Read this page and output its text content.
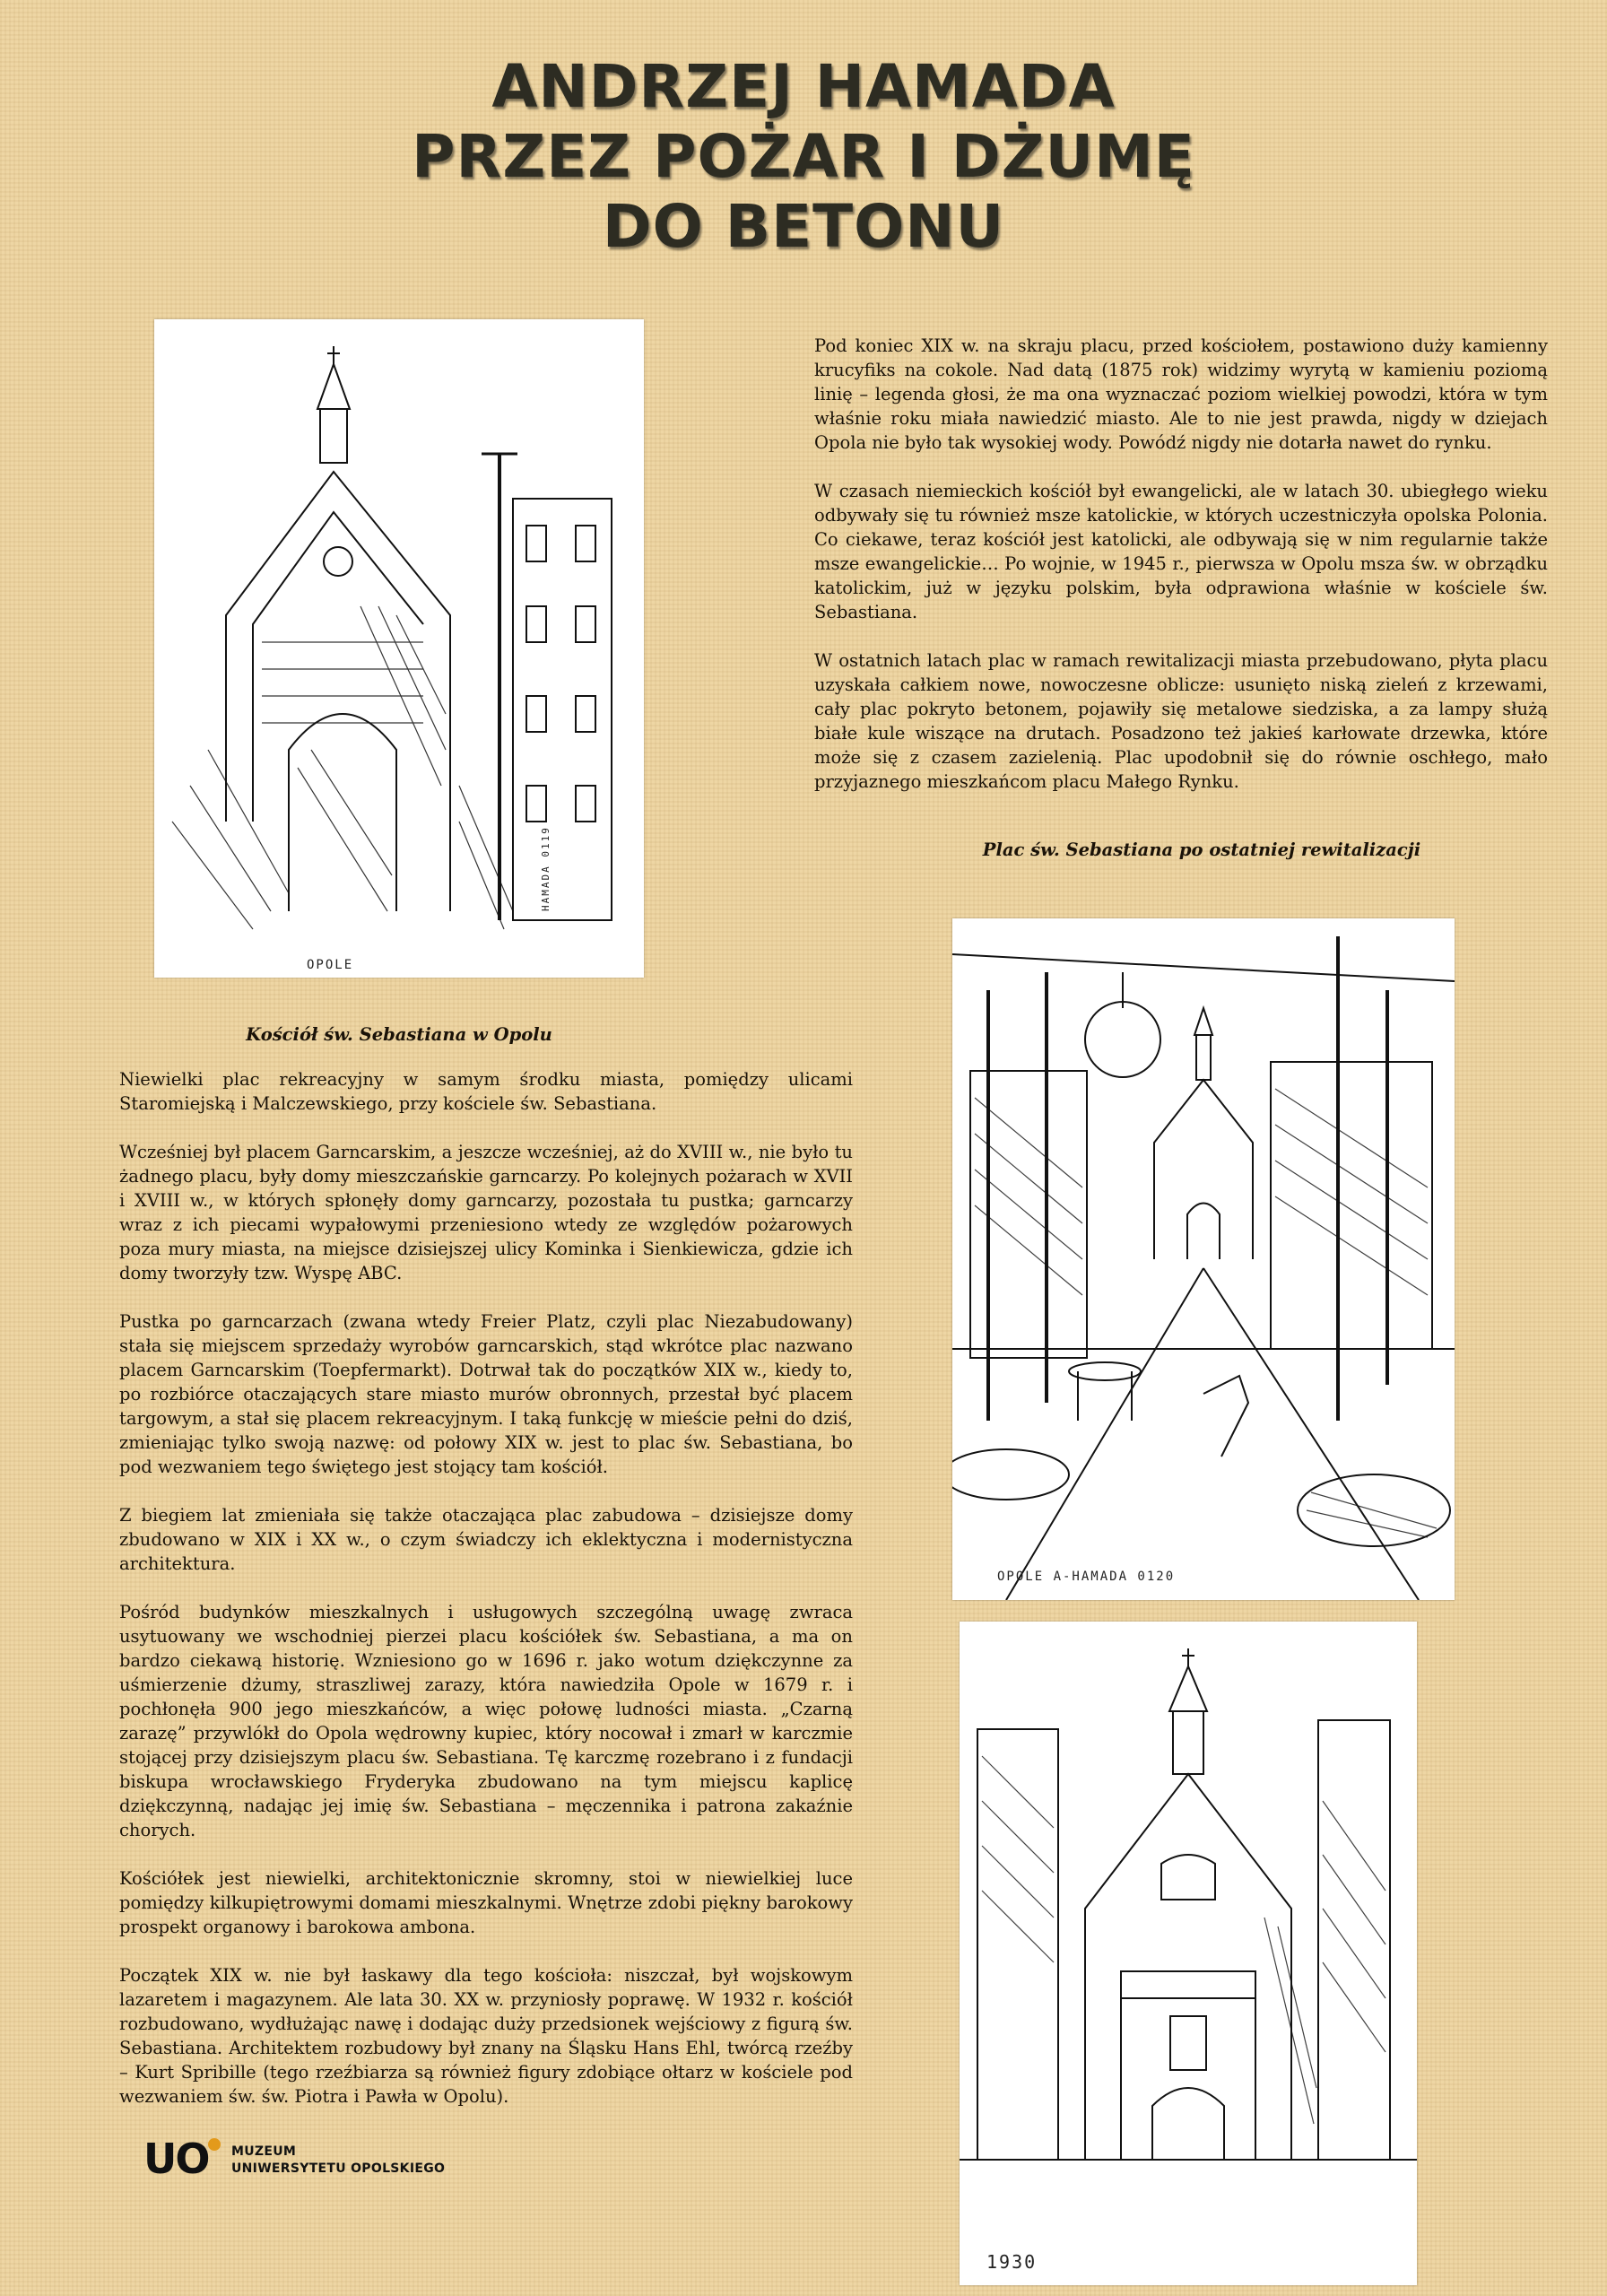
ANDRZEJ HAMADA
PRZEZ POŻAR I DŻUMĘ
DO BETONU
OPOLE
HAMADA 0119
Kościół św. Sebastiana w Opolu

Pod koniec XIX w. na skraju placu, przed kościołem, postawiono duży kamienny krucyfiks na cokole. Nad datą (1875 rok) widzimy wyrytą w kamieniu poziomą linię – legenda głosi, że ma ona wyznaczać poziom wielkiej powodzi, która w tym właśnie roku miała nawiedzić miasto. Ale to nie jest prawda, nigdy w dziejach Opola nie było tak wysokiej wody. Powódź nigdy nie dotarła nawet do rynku.

W czasach niemieckich kościół był ewangelicki, ale w latach 30. ubiegłego wieku odbywały się tu również msze katolickie, w których uczestniczyła opolska Polonia. Co ciekawe, teraz kościół jest katolicki, ale odbywają się w nim regularnie także msze ewangelickie… Po wojnie, w 1945 r., pierwsza w Opolu msza św. w obrządku katolickim, już w języku polskim, była odprawiona właśnie w kościele św. Sebastiana.

W ostatnich latach plac w ramach rewitalizacji miasta przebudowano, płyta placu uzyskała całkiem nowe, nowoczesne oblicze: usunięto niską zieleń z krzewami, cały plac pokryto betonem, pojawiły się metalowe siedziska, a za lampy służą białe kule wiszące na drutach. Posadzono też jakieś karłowate drzewka, które może się z czasem zazielenią. Plac upodobnił się do równie oschłego, mało przyjaznego mieszkańcom placu Małego Rynku.

Plac św. Sebastiana po ostatniej rewitalizacji
OPOLE A-HAMADA 0120
1930

Niewielki plac rekreacyjny w samym środku miasta, pomiędzy ulicami Staromiejską i Malczewskiego, przy kościele św. Sebastiana.

Wcześniej był placem Garncarskim, a jeszcze wcześniej, aż do XVIII w., nie było tu żadnego placu, były domy mieszczańskie garncarzy. Po kolejnych pożarach w XVII i XVIII w., w których spłonęły domy garncarzy, pozostała tu pustka; garncarzy wraz z ich piecami wypałowymi przeniesiono wtedy ze względów pożarowych poza mury miasta, na miejsce dzisiejszej ulicy Kominka i Sienkiewicza, gdzie ich domy tworzyły tzw. Wyspę ABC.

Pustka po garncarzach (zwana wtedy Freier Platz, czyli plac Niezabudowany) stała się miejscem sprzedaży wyrobów garncarskich, stąd wkrótce plac nazwano placem Garncarskim (Toepfermarkt). Dotrwał tak do początków XIX w., kiedy to, po rozbiórce otaczających stare miasto murów obronnych, przestał być placem targowym, a stał się placem rekreacyjnym. I taką funkcję w mieście pełni do dziś, zmieniając tylko swoją nazwę: od połowy XIX w. jest to plac św. Sebastiana, bo pod wezwaniem tego świętego jest stojący tam kościół.

Z biegiem lat zmieniała się także otaczająca plac zabudowa – dzisiejsze domy zbudowano w XIX i XX w., o czym świadczy ich eklektyczna i modernistyczna architektura.

Pośród budynków mieszkalnych i usługowych szczególną uwagę zwraca usytuowany we wschodniej pierzei placu kościółek św. Sebastiana, a ma on bardzo ciekawą historię. Wzniesiono go w 1696 r. jako wotum dziękczynne za uśmierzenie dżumy, straszliwej zarazy, która nawiedziła Opole w 1679 r. i pochłonęła 900 jego mieszkańców, a więc połowę ludności miasta. „Czarną zarazę” przywlókł do Opola wędrowny kupiec, który nocował i zmarł w karczmie stojącej przy dzisiejszym placu św. Sebastiana. Tę karczmę rozebrano i z fundacji biskupa wrocławskiego Fryderyka zbudowano na tym miejscu kaplicę dziękczynną, nadając jej imię św. Sebastiana – męczennika i patrona zakaźnie chorych.

Kościółek jest niewielki, architektonicznie skromny, stoi w niewielkiej luce pomiędzy kilkupiętrowymi domami mieszkalnymi. Wnętrze zdobi piękny barokowy prospekt organowy i barokowa ambona.

Początek XIX w. nie był łaskawy dla tego kościoła: niszczał, był wojskowym lazaretem i magazynem. Ale lata 30. XX w. przyniosły poprawę. W 1932 r. kościół rozbudowano, wydłużając nawę i dodając duży przedsionek wejściowy z figurą św. Sebastiana. Architektem rozbudowy był znany na Śląsku Hans Ehl, twórcą rzeźby – Kurt Spribille (tego rzeźbiarza są również figury zdobiące ołtarz w kościele pod wezwaniem św. św. Piotra i Pawła w Opolu).

UO MUZEUM
UNIWERSYTETU OPOLSKIEGO
